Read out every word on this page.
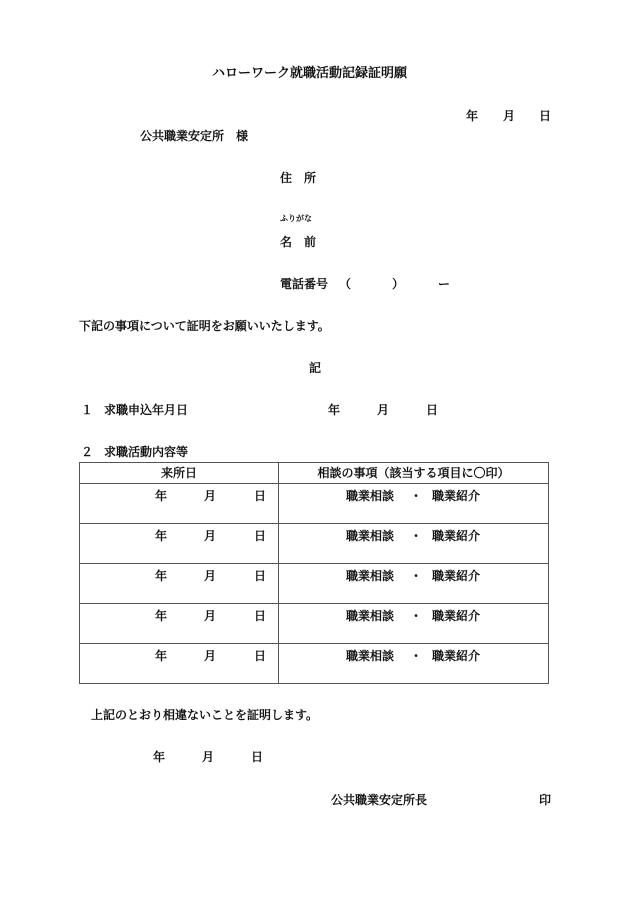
ハローワーク就職活動記録証明願
年 月 日
公共職業安定所　様
住　所
ふりがな
名　前
電話番号 （	）	ー
下記の事項について証明をお願いいたします。
記
１ 求職申込年月日	年	月	日
２ 求職活動内容等
来所日	相談の事項（該当する項目に〇印）

年 月 日	職業相談 ・ 職業紹介

年 月 日	職業相談 ・ 職業紹介

年 月 日	職業相談 ・ 職業紹介

年 月 日	職業相談 ・ 職業紹介

年 月 日	職業相談 ・ 職業紹介
上記のとおり相違ないことを証明します。
年	月	日
公共職業安定所長	印
